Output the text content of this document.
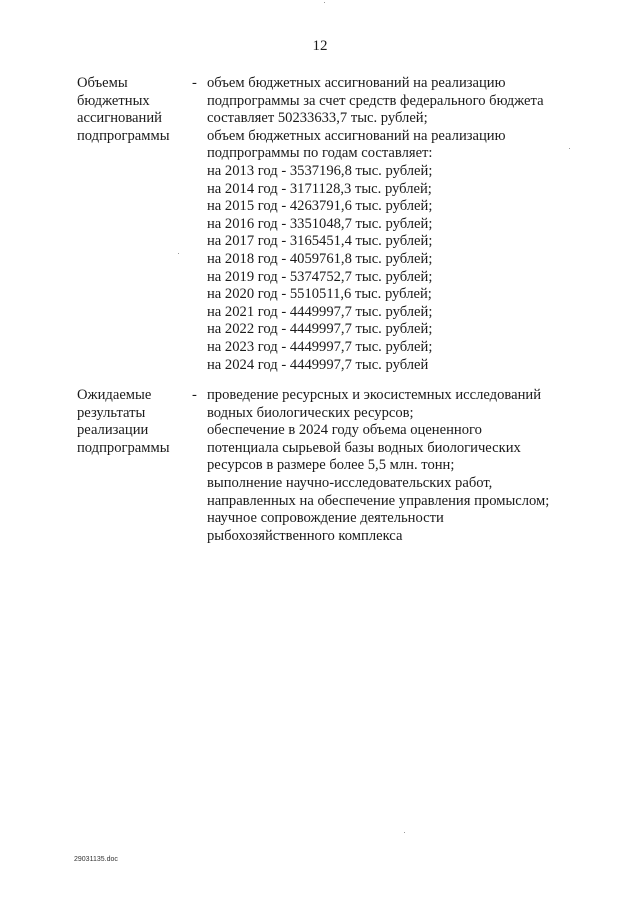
12
Объемы
бюджетных
ассигнований
подпрограммы
- объем бюджетных ассигнований на реализацию
подпрограммы за счет средств федерального бюджета
составляет 50233633,7 тыс. рублей;
объем бюджетных ассигнований на реализацию
подпрограммы по годам составляет:
на 2013 год - 3537196,8 тыс. рублей;
на 2014 год - 3171128,3 тыс. рублей;
на 2015 год - 4263791,6 тыс. рублей;
на 2016 год - 3351048,7 тыс. рублей;
на 2017 год - 3165451,4 тыс. рублей;
на 2018 год - 4059761,8 тыс. рублей;
на 2019 год - 5374752,7 тыс. рублей;
на 2020 год - 5510511,6 тыс. рублей;
на 2021 год - 4449997,7 тыс. рублей;
на 2022 год - 4449997,7 тыс. рублей;
на 2023 год - 4449997,7 тыс. рублей;
на 2024 год - 4449997,7 тыс. рублей
Ожидаемые
результаты
реализации
подпрограммы
- проведение ресурсных и экосистемных исследований
водных биологических ресурсов;
обеспечение в 2024 году объема оцененного
потенциала сырьевой базы водных биологических
ресурсов в размере более 5,5 млн. тонн;
выполнение научно-исследовательских работ,
направленных на обеспечение управления промыслом;
научное сопровождение деятельности
рыбохозяйственного комплекса
29031135.doc
